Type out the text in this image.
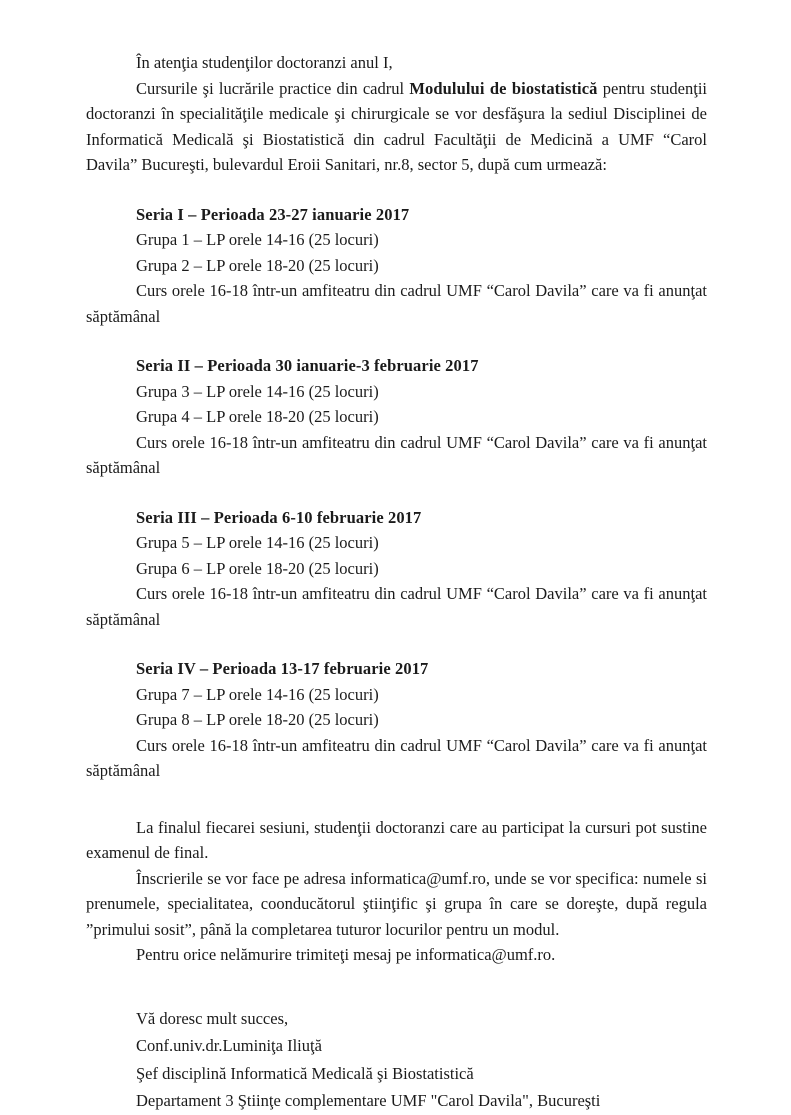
În atenţia studenţilor doctoranzi anul I,

Cursurile şi lucrările practice din cadrul Modulului de biostatistică pentru studenţii doctoranzi în specialităţile medicale şi chirurgicale se vor desfăşura la sediul Disciplinei de Informatică Medicală şi Biostatistică din cadrul Facultăţii de Medicină a UMF “Carol Davila” Bucureşti, bulevardul Eroii Sanitari, nr.8, sector 5, după cum urmează:

Seria I – Perioada 23-27 ianuarie 2017

Grupa 1 – LP orele 14-16 (25 locuri)

Grupa 2 – LP orele 18-20 (25 locuri)

Curs orele 16-18 într-un amfiteatru din cadrul UMF “Carol Davila” care va fi anunţat săptămânal

Seria II – Perioada 30 ianuarie-3 februarie 2017

Grupa 3 – LP orele 14-16 (25 locuri)

Grupa 4 – LP orele 18-20 (25 locuri)

Curs orele 16-18 într-un amfiteatru din cadrul UMF “Carol Davila” care va fi anunţat săptămânal

Seria III – Perioada 6-10 februarie 2017

Grupa 5 – LP orele 14-16 (25 locuri)

Grupa 6 – LP orele 18-20 (25 locuri)

Curs orele 16-18 într-un amfiteatru din cadrul UMF “Carol Davila” care va fi anunţat săptămânal

Seria IV – Perioada 13-17 februarie 2017

Grupa 7 – LP orele 14-16 (25 locuri)

Grupa 8 – LP orele 18-20 (25 locuri)

Curs orele 16-18 într-un amfiteatru din cadrul UMF “Carol Davila” care va fi anunţat săptămânal

La finalul fiecarei sesiuni, studenţii doctoranzi care au participat la cursuri pot sustine examenul de final.

Înscrierile se vor face pe adresa informatica@umf.ro, unde se vor specifica: numele si prenumele, specialitatea, coonducătorul ştiinţific şi grupa în care se doreşte, după regula ”primului sosit”, până la completarea tuturor locurilor pentru un modul.

Pentru orice nelămurire trimiteţi mesaj pe informatica@umf.ro.

Vă doresc mult succes,

Conf.univ.dr.Luminiţa Iliuţă

Şef disciplină Informatică Medicală şi Biostatistică

Departament 3 Ştiinţe complementare UMF "Carol Davila", Bucureşti
